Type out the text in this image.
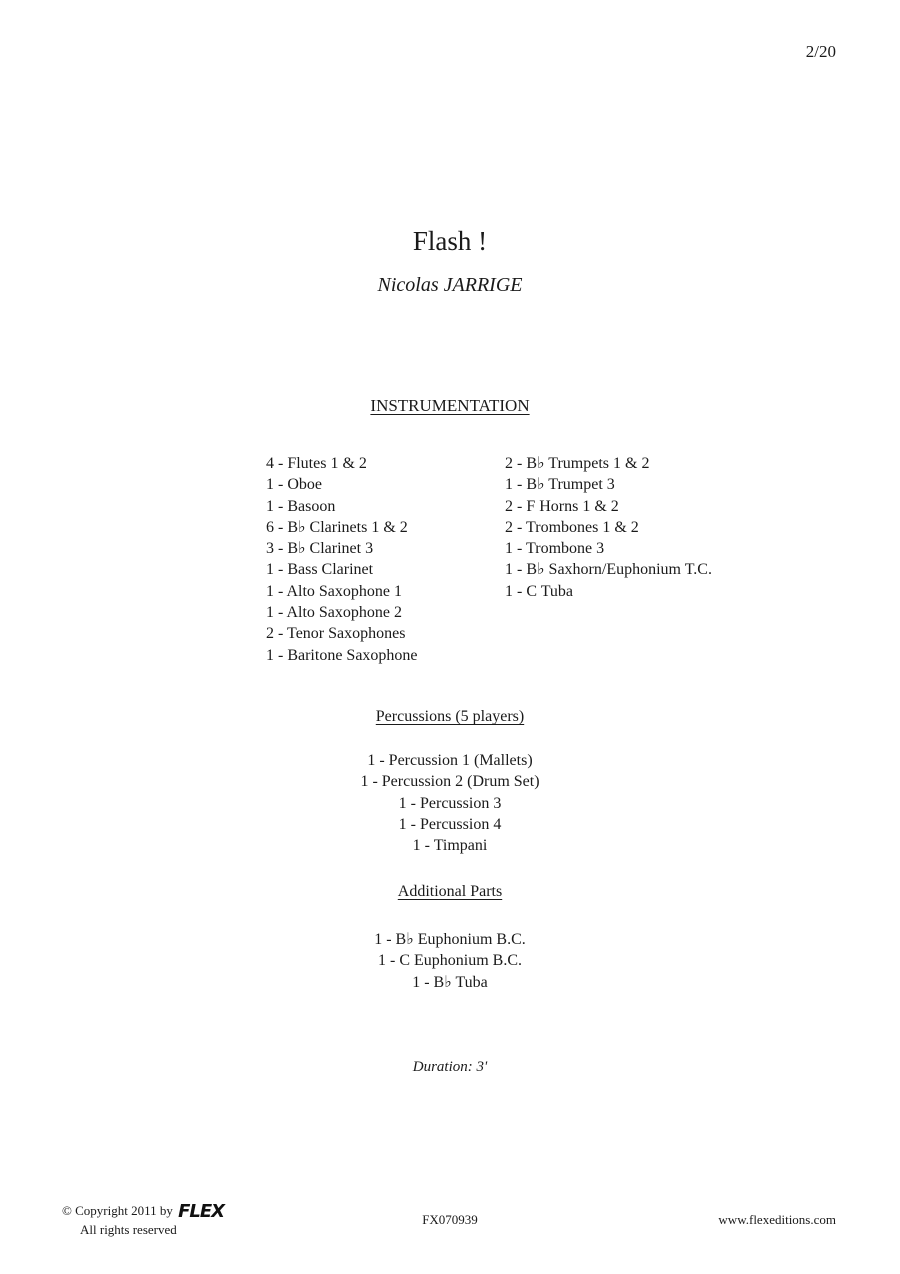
2/20
Flash !
Nicolas JARRIGE
INSTRUMENTATION
4 - Flutes 1 & 2
1 - Oboe
1 - Basoon
6 - B♭ Clarinets 1 & 2
3 - B♭ Clarinet 3
1 - Bass Clarinet
1 - Alto Saxophone 1
1 - Alto Saxophone 2
2 - Tenor Saxophones
1 - Baritone Saxophone
2 - B♭ Trumpets 1 & 2
1 - B♭ Trumpet 3
2 - F Horns 1 & 2
2 - Trombones 1 & 2
1 - Trombone 3
1 - B♭ Saxhorn/Euphonium T.C.
1 - C Tuba
Percussions (5 players)
1 - Percussion 1 (Mallets)
1 - Percussion 2 (Drum Set)
1 - Percussion 3
1 - Percussion 4
1 - Timpani
Additional Parts
1 - B♭ Euphonium B.C.
1 - C Euphonium B.C.
1 - B♭ Tuba
Duration: 3'
© Copyright 2011 by FLEX
All rights reserved
FX070939	www.flexeditions.com
